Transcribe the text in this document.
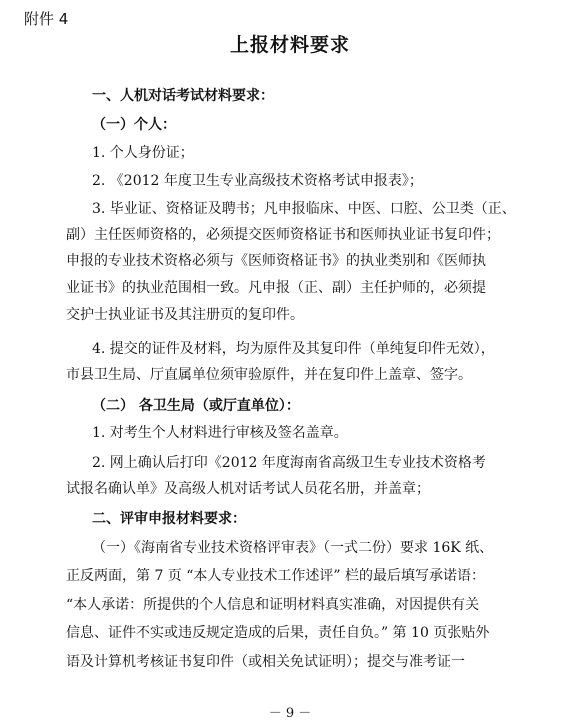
附件 4
上报材料要求
一、人机对话考试材料要求：
（一）个人：
1. 个人身份证；
2. 《2012 年度卫生专业高级技术资格考试申报表》；
3. 毕业证、资格证及聘书；凡申报临床、中医、口腔、公卫类（正、
副）主任医师资格的，必须提交医师资格证书和医师执业证书复印件；
申报的专业技术资格必须与《医师资格证书》的执业类别和《医师执
业证书》的执业范围相一致。凡申报（正、副）主任护师的，必须提
交护士执业证书及其注册页的复印件。
4. 提交的证件及材料，均为原件及其复印件（单纯复印件无效），
市县卫生局、厅直属单位须审验原件，并在复印件上盖章、签字。
（二） 各卫生局（或厅直单位）：
1. 对考生个人材料进行审核及签名盖章。
2. 网上确认后打印《2012 年度海南省高级卫生专业技术资格考
试报名确认单》及高级人机对话考试人员花名册，并盖章；
二、评审申报材料要求：
（一）《海南省专业技术资格评审表》（一式二份）要求 16K 纸、
正反两面，第 7 页 “本人专业技术工作述评” 栏的最后填写承诺语：
“本人承诺：所提供的个人信息和证明材料真实准确，对因提供有关
信息、证件不实或违反规定造成的后果，责任自负。” 第 10 页张贴外
语及计算机考核证书复印件（或相关免试证明）；提交与准考证一
－ 9 －
